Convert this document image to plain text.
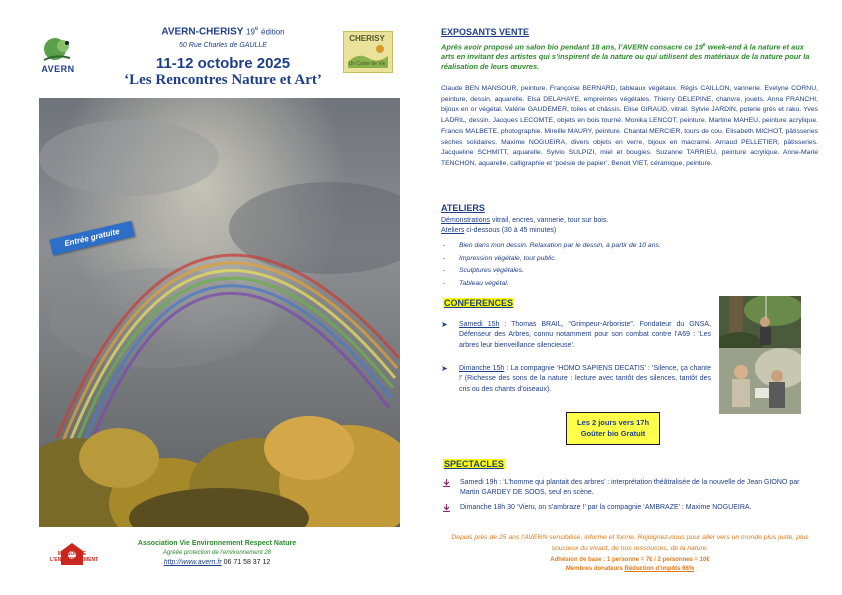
AVERN
AVERN-CHERISY 19e édition
50 Rue Charles de GAULLE
11-12 octobre 2025
‘Les Rencontres Nature et Art’
CHERISY
Un Cadre de Vie
Entrée gratuite
MAISON DE L'ENVIRONNEMENT
Association Vie Environnement Respect Nature
Agréée protection de l’environnement 28
http://www.avern.fr 06 71 58 37 12
EXPOSANTS VENTE
Après avoir proposé un salon bio pendant 18 ans, l’AVERN consacre ce 19e week-end à la nature et aux arts en invitant des artistes qui s’inspirent de la nature ou qui utilisent des matériaux de la nature pour la réalisation de leurs œuvres.
Claude BEN MANSOUR, peinture. Françoise BERNARD, tableaux végétaux. Régis CAILLON, vannerie. Evelyne CORNU, peinture, dessin, aquarelle. Elsa DELAHAYE, empreintes végétales. Thierry DELEPINE, chanvre, jouets. Anna FRANCHI, bijoux en or végétal. Valérie GAUDEMER, toiles et châssis. Elise GIRAUD, vitrail. Sylvie JARDIN, poterie grès et raku. Yves LADRIL, dessin. Jacques LECOMTE, objets en bois tourné. Monika LENCOT, peinture. Martine MAHEU, peinture acrylique. Francis MALBETE, photographie. Mireille MAURY, peinture. Chantal MERCIER, tours de cou. Elisabeth MICHOT, pâtisseries sèches solidaires. Maxime NOGUEIRA, divers objets en verre, bijoux en macramé. Arnaud PELLETIER, pâtisseries. Jacqueline SCHMITT, aquarelle. Sylvio SULPIZI, miel et bougies. Suzanne TARRIEU, peinture acrylique. Anne-Marie TENCHON, aquarelle, calligraphie et ‘poésie de papier’. Benoit VIET, céramique, peinture.
ATELIERS
Démonstrations vitrail, encres, vannerie, tour sur bois.
Ateliers ci-dessous (30 à 45 minutes)
- Bien dans mon dessin. Relaxation par le dessin, à partir de 10 ans.
- Impression végétale, tout public.
- Sculptures végétales.
- Tableau végétal.
CONFERENCES
➤ Samedi 15h : Thomas BRAIL, “Grimpeur-Arboriste”. Fondateur du GNSA, Défenseur des Arbres, connu notamment pour son combat contre l’A69 : ‘Les arbres leur bienveillance silencieuse’.
➤ Dimanche 15h : La compagnie ‘HOMO SAPIENS DECATIS’ : ‘Silence, ça chante !’ (Richesse des sons de la nature : lecture avec tantôt des silences, tantôt des cris ou des chants d’oiseaux).
Les 2 jours vers 17h
Goûter bio Gratuit
SPECTACLES
Samedi 19h : ‘L’homme qui plantait des arbres’ : interprétation théâtralisée de la nouvelle de Jean GIONO par Martin GARDEY DE SOOS, seul en scène.
Dimanche 18h 30 ‘Vieru, on s’ambraze !’ par la compagnie ‘AMBRAZE’ : Maxime NOGUEIRA.
Depuis près de 25 ans l’AVERN sensibilise, informe et forme. Rejoignez-nous pour aller vers un monde plus juste, plus soucieux du vivant, de nos ressources, de la nature.
Adhésion de base : 1 personne = 7€ / 2 personnes = 10€
Membres donateurs Réduction d’impôts 66%
